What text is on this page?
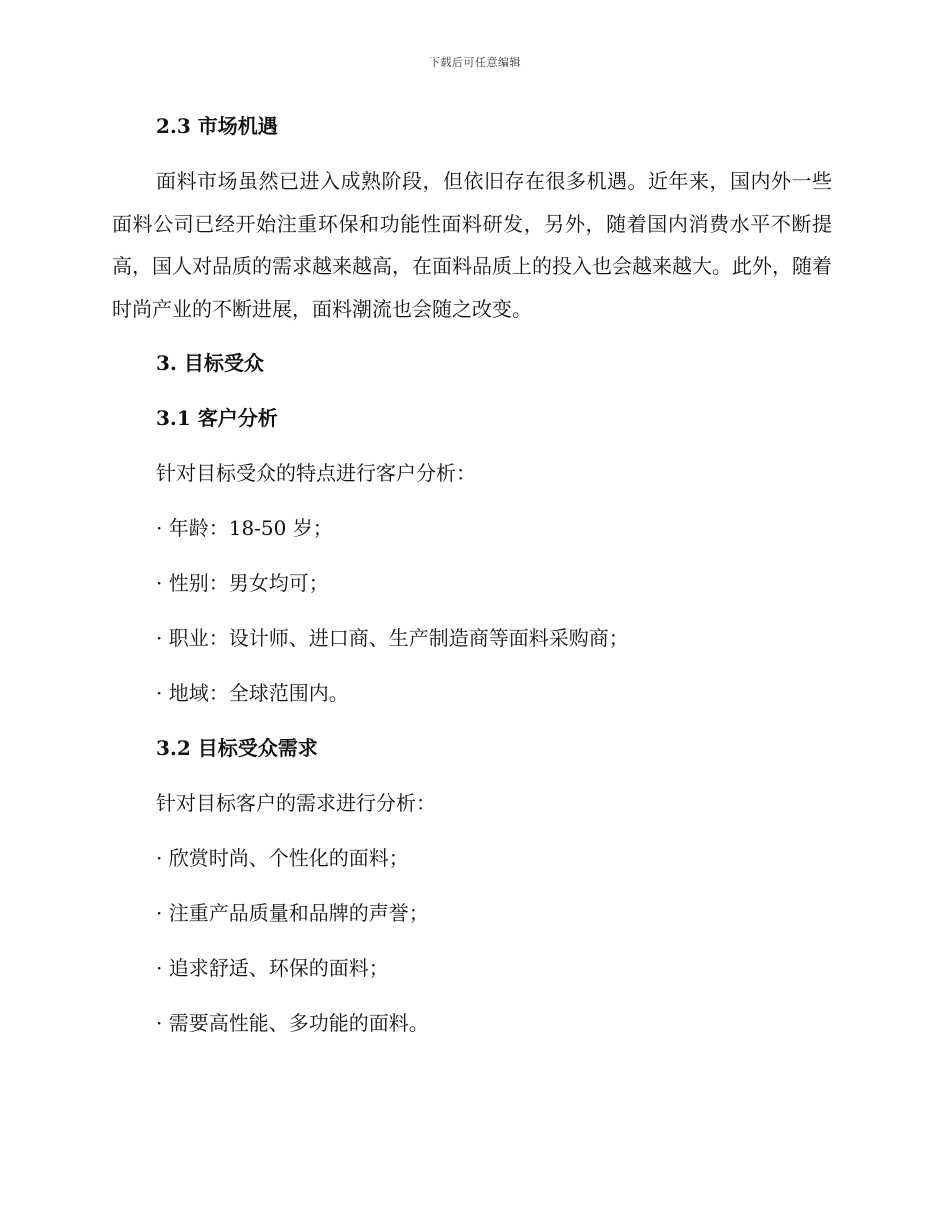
下载后可任意编辑

2.3 市场机遇

面料市场虽然已进入成熟阶段，但依旧存在很多机遇。近年来，国内外一些面料公司已经开始注重环保和功能性面料研发，另外，随着国内消费水平不断提高，国人对品质的需求越来越高，在面料品质上的投入也会越来越大。此外，随着时尚产业的不断进展，面料潮流也会随之改变。

3. 目标受众

3.1 客户分析

针对目标受众的特点进行客户分析：

· 年龄：18-50 岁；

· 性别：男女均可；

· 职业：设计师、进口商、生产制造商等面料采购商；

· 地域：全球范围内。

3.2 目标受众需求

针对目标客户的需求进行分析：

· 欣赏时尚、个性化的面料；

· 注重产品质量和品牌的声誉；

· 追求舒适、环保的面料；

· 需要高性能、多功能的面料。
